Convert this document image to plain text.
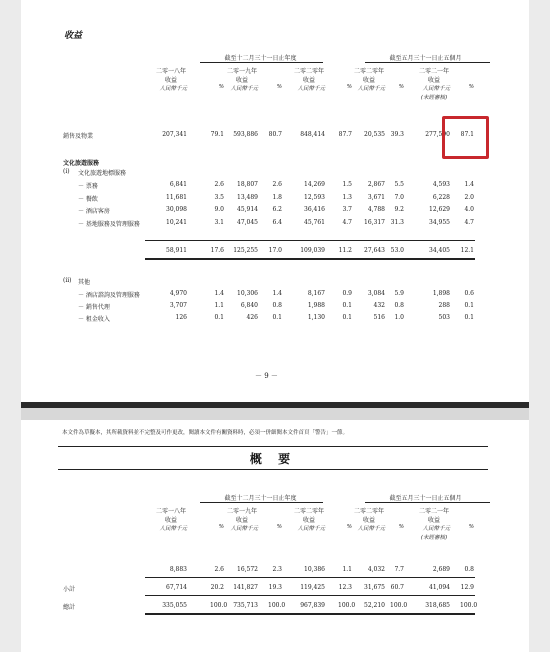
收益
截至十二月三十一日止年度	截至五月三十一日止五個月
二零一八年
收益
人民幣千元	%
二零一九年
收益
人民幣千元	%
二零二零年
收益
人民幣千元	%
二零二零年
收益
人民幣千元	%
二零二一年
收益
人民幣千元	%
(未經審核)
銷售及物業	207,341	79.1	593,886 80.7	848,414 87.7	20,535 39.3	277,590 87.1
文化旅遊服務
(i) 文化旅遊地標服務
－ 票務	6,841	2.6	18,807	2.6	14,269	1.5	2,867	5.5	4,593	1.4
－ 餐飲	11,681	3.5	13,489	1.8	12,593	1.3	3,671	7.0	6,228	2.0
－ 酒店客房	30,098	9.0	45,914	6.2	36,416	3.7	4,788	9.2	12,629	4.0
－ 基地服務及管理服務	10,241	3.1	47,045	6.4	45,761	4.7	16,317 31.3	34,955	4.7
58,911	17.6	125,255 17.0	109,039 11.2	27,643 53.0	34,405 12.1
(ii) 其他
－ 酒店諮詢及管理服務	4,970	1.4	10,306	1.4	8,167	0.9	3,084	5.9	1,898	0.6
－ 銷售代理	3,707	1.1	6,840	0.8	1,988	0.1	432	0.8	288	0.1
－ 租金收入	126	0.1	426	0.1	1,130	0.1	516	1.0	503	0.1
－ 9 －
本文件為草擬本，其所載資料並不完整及可作更改，閱讀本文件有關資料時，必須一併細閱本文件首頁「警告」一節。
概 要
截至十二月三十一日止年度	截至五月三十一日止五個月
二零一八年
收益
人民幣千元	%
二零一九年
收益
人民幣千元	%
二零二零年
收益
人民幣千元	%
二零二零年
收益
人民幣千元	%
二零二一年
收益
人民幣千元	%
(未經審核)
8,883	2.6	16,572	2.3	10,386	1.1	4,032	7.7	2,689	0.8
小計	67,714	20.2	141,827 19.3	119,425 12.3	31,675 60.7	41,094 12.9
總計	335,055	100.0	735,713 100.0	967,839 100.0	52,210 100.0	318,685 100.0
